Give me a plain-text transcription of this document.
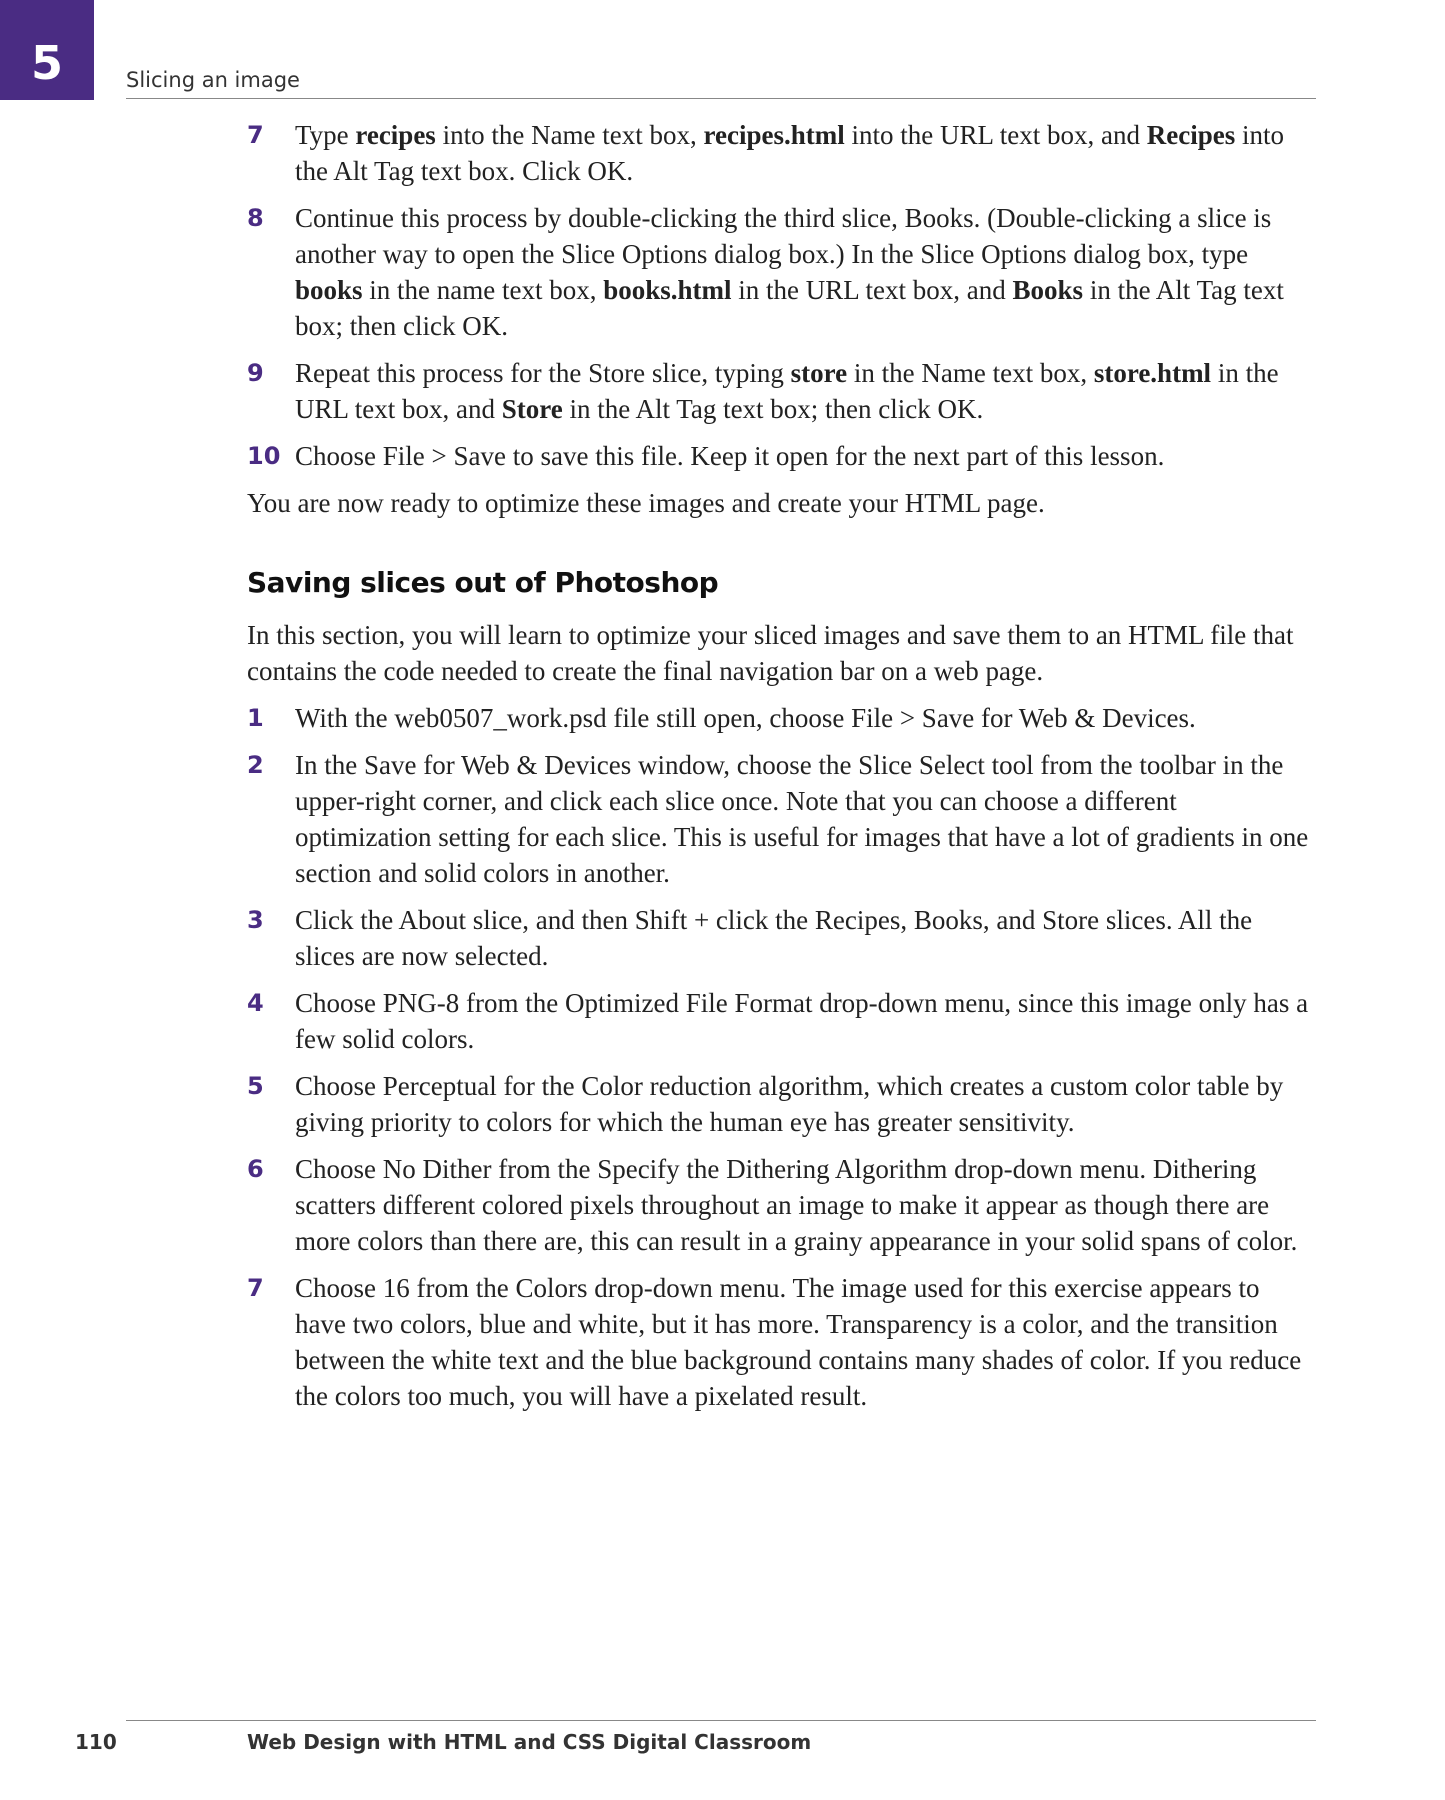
5	Slicing an image
7 Type recipes into the Name text box, recipes.html into the URL text box, and Recipes into the Alt Tag text box. Click OK.
8 Continue this process by double-clicking the third slice, Books. (Double-clicking a slice is another way to open the Slice Options dialog box.) In the Slice Options dialog box, type books in the name text box, books.html in the URL text box, and Books in the Alt Tag text box; then click OK.
9 Repeat this process for the Store slice, typing store in the Name text box, store.html in the URL text box, and Store in the Alt Tag text box; then click OK.
10 Choose File > Save to save this file. Keep it open for the next part of this lesson.
You are now ready to optimize these images and create your HTML page.
Saving slices out of Photoshop
In this section, you will learn to optimize your sliced images and save them to an HTML file that contains the code needed to create the final navigation bar on a web page.
1 With the web0507_work.psd file still open, choose File > Save for Web & Devices.
2 In the Save for Web & Devices window, choose the Slice Select tool from the toolbar in the upper-right corner, and click each slice once. Note that you can choose a different optimization setting for each slice. This is useful for images that have a lot of gradients in one section and solid colors in another.
3 Click the About slice, and then Shift + click the Recipes, Books, and Store slices. All the slices are now selected.
4 Choose PNG-8 from the Optimized File Format drop-down menu, since this image only has a few solid colors.
5 Choose Perceptual for the Color reduction algorithm, which creates a custom color table by giving priority to colors for which the human eye has greater sensitivity.
6 Choose No Dither from the Specify the Dithering Algorithm drop-down menu. Dithering scatters different colored pixels throughout an image to make it appear as though there are more colors than there are, this can result in a grainy appearance in your solid spans of color.
7 Choose 16 from the Colors drop-down menu. The image used for this exercise appears to have two colors, blue and white, but it has more. Transparency is a color, and the transition between the white text and the blue background contains many shades of color. If you reduce the colors too much, you will have a pixelated result.
110	Web Design with HTML and CSS Digital Classroom
